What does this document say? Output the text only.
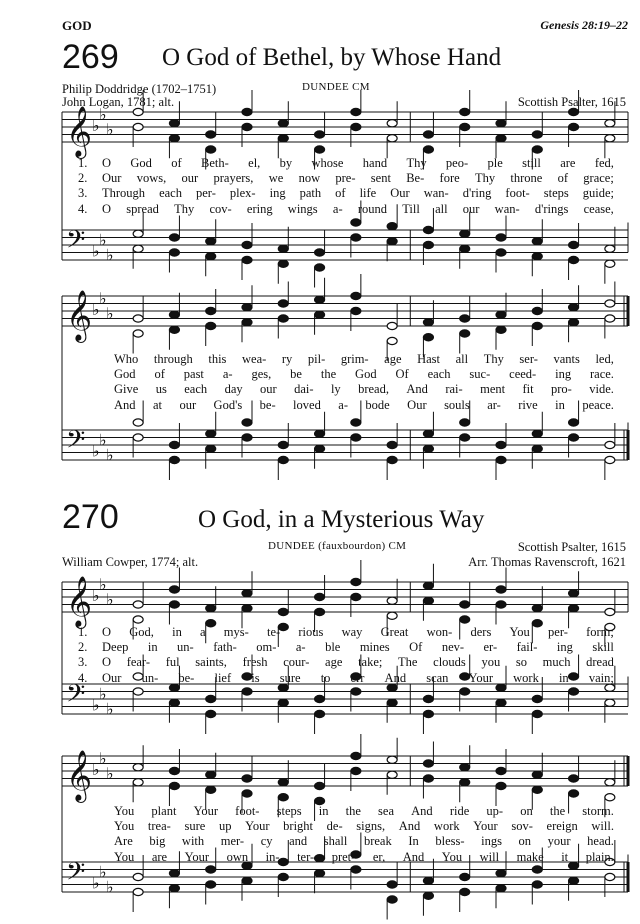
GOD	Genesis 28:19–22
𝄞 ♭
♭
♭
𝄢 ♭
♭
♭
𝄞 ♭
♭
♭
𝄢 ♭
♭
♭
𝄞 ♭
♭
♭
𝄢 ♭
♭
♭
𝄞 ♭
♭
♭
𝄢 ♭
♭
♭
269 O God of Bethel, by Whose Hand
Philip Doddridge (1702–1751)
John Logan, 1781; alt.
DUNDEE CM
Scottish Psalter, 1615
1.	O God of Beth- el, by whose hand Thy peo- ple still are fed,
2.	Our vows, our prayers, we now pre- sent Be- fore Thy throne of grace;
3.	Through each per- plex- ing path of life Our wan- d'ring foot- steps guide;
4.	O spread Thy cov- ering wings a- round Till all our wan- d'rings cease,
Who through this wea- ry pil- grim- age Hast all Thy ser- vants led,
God of past a- ges, be the God Of each suc- ceed- ing race.
Give us each day our dai- ly bread, And rai- ment fit pro- vide.
And at our God's be- loved a- bode Our souls ar- rive in peace.
270	O God, in a Mysterious Way
DUNDEE (fauxbourdon) CM	Scottish Psalter, 1615
William Cowper, 1774; alt.	Arr. Thomas Ravenscroft, 1621
1.	O God, in a mys- te- rious way Great won- ders You per- form;
2.	Deep in un- fath- om- a- ble mines Of nev- er- fail- ing skill
3.	O fear- ful saints, fresh cour- age take; The clouds you so much dread
4.	Our un- be- lief is sure to err And scan Your work in vain;
You plant Your foot- steps in the sea And ride up- on the storm.
You trea- sure up Your bright de- signs, And work Your sov- ereign will.
Are big with mer- cy and shall break In bless- ings on your head.
You are Your own in- ter- pret- er, And You will make it plain.
